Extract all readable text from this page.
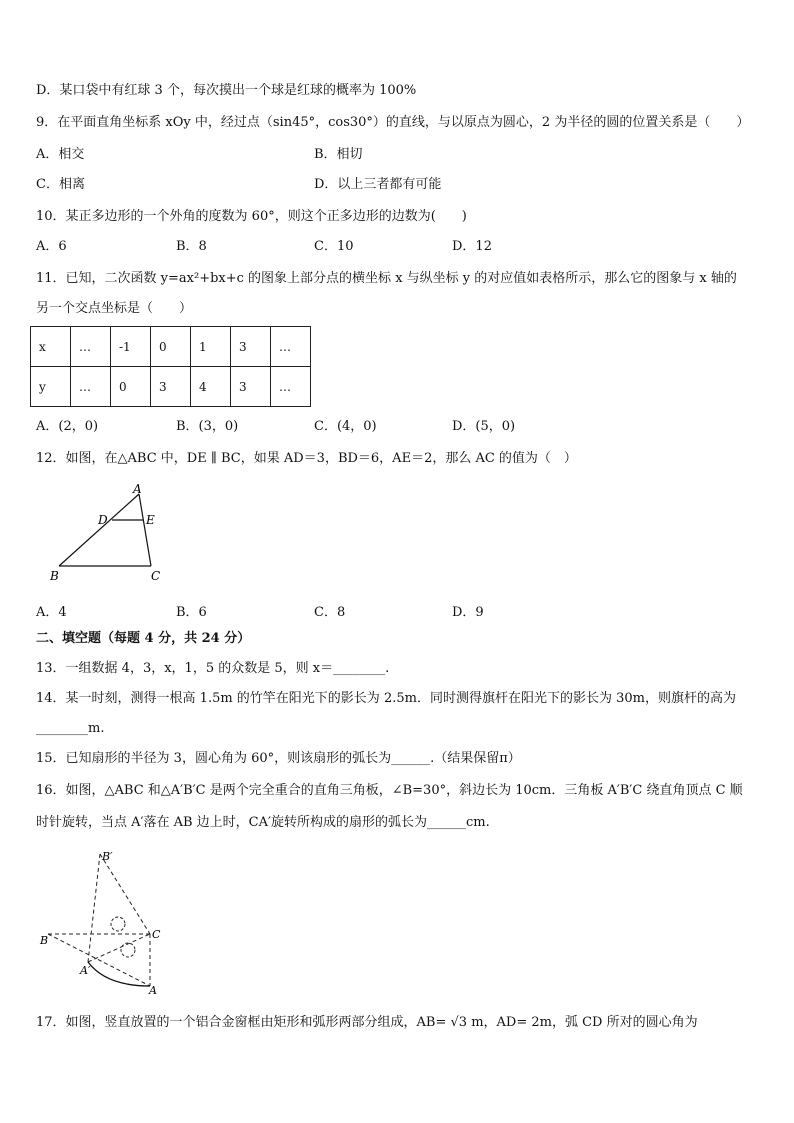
D．某口袋中有红球 3 个，每次摸出一个球是红球的概率为 100%
9．在平面直角坐标系 xOy 中，经过点（sin45°，cos30°）的直线，与以原点为圆心，2 为半径的圆的位置关系是（　　）
A．相交	B．相切
C．相离	D．以上三者都有可能
10．某正多边形的一个外角的度数为 60°，则这个正多边形的边数为(　　)
A．6	B．8	C．10	D．12
11．已知，二次函数 y=ax²+bx+c 的图象上部分点的横坐标 x 与纵坐标 y 的对应值如表格所示，那么它的图象与 x 轴的
另一个交点坐标是（　　）
x	…	-1	0	1	3	…
y	…	0	3	4	3	…
A．(2，0)	B．(3，0)	C．(4，0)	D．(5，0)
12．如图，在△ABC 中，DE ∥ BC，如果 AD＝3，BD＝6，AE＝2，那么 AC 的值为（　）
A
D	E
B	C
A．4	B．6	C．8	D．9
二、填空题（每题 4 分，共 24 分）
13．一组数据 4，3，x，1，5 的众数是 5，则 x＝________.
14．某一时刻，测得一根高 1.5m 的竹竿在阳光下的影长为 2.5m．同时测得旗杆在阳光下的影长为 30m，则旗杆的高为
________m.
15．已知扇形的半径为 3，圆心角为 60°，则该扇形的弧长为______.（结果保留π）
16．如图，△ABC 和△A′B′C 是两个完全重合的直角三角板，∠B=30°，斜边长为 10cm．三角板 A′B′C 绕直角顶点 C 顺
时针旋转，当点 A′落在 AB 边上时，CA′旋转所构成的扇形的弧长为______cm.
B′
B	C
A′
A
17．如图，竖直放置的一个铝合金窗框由矩形和弧形两部分组成，AB= √3 m，AD= 2m，弧 CD 所对的圆心角为
